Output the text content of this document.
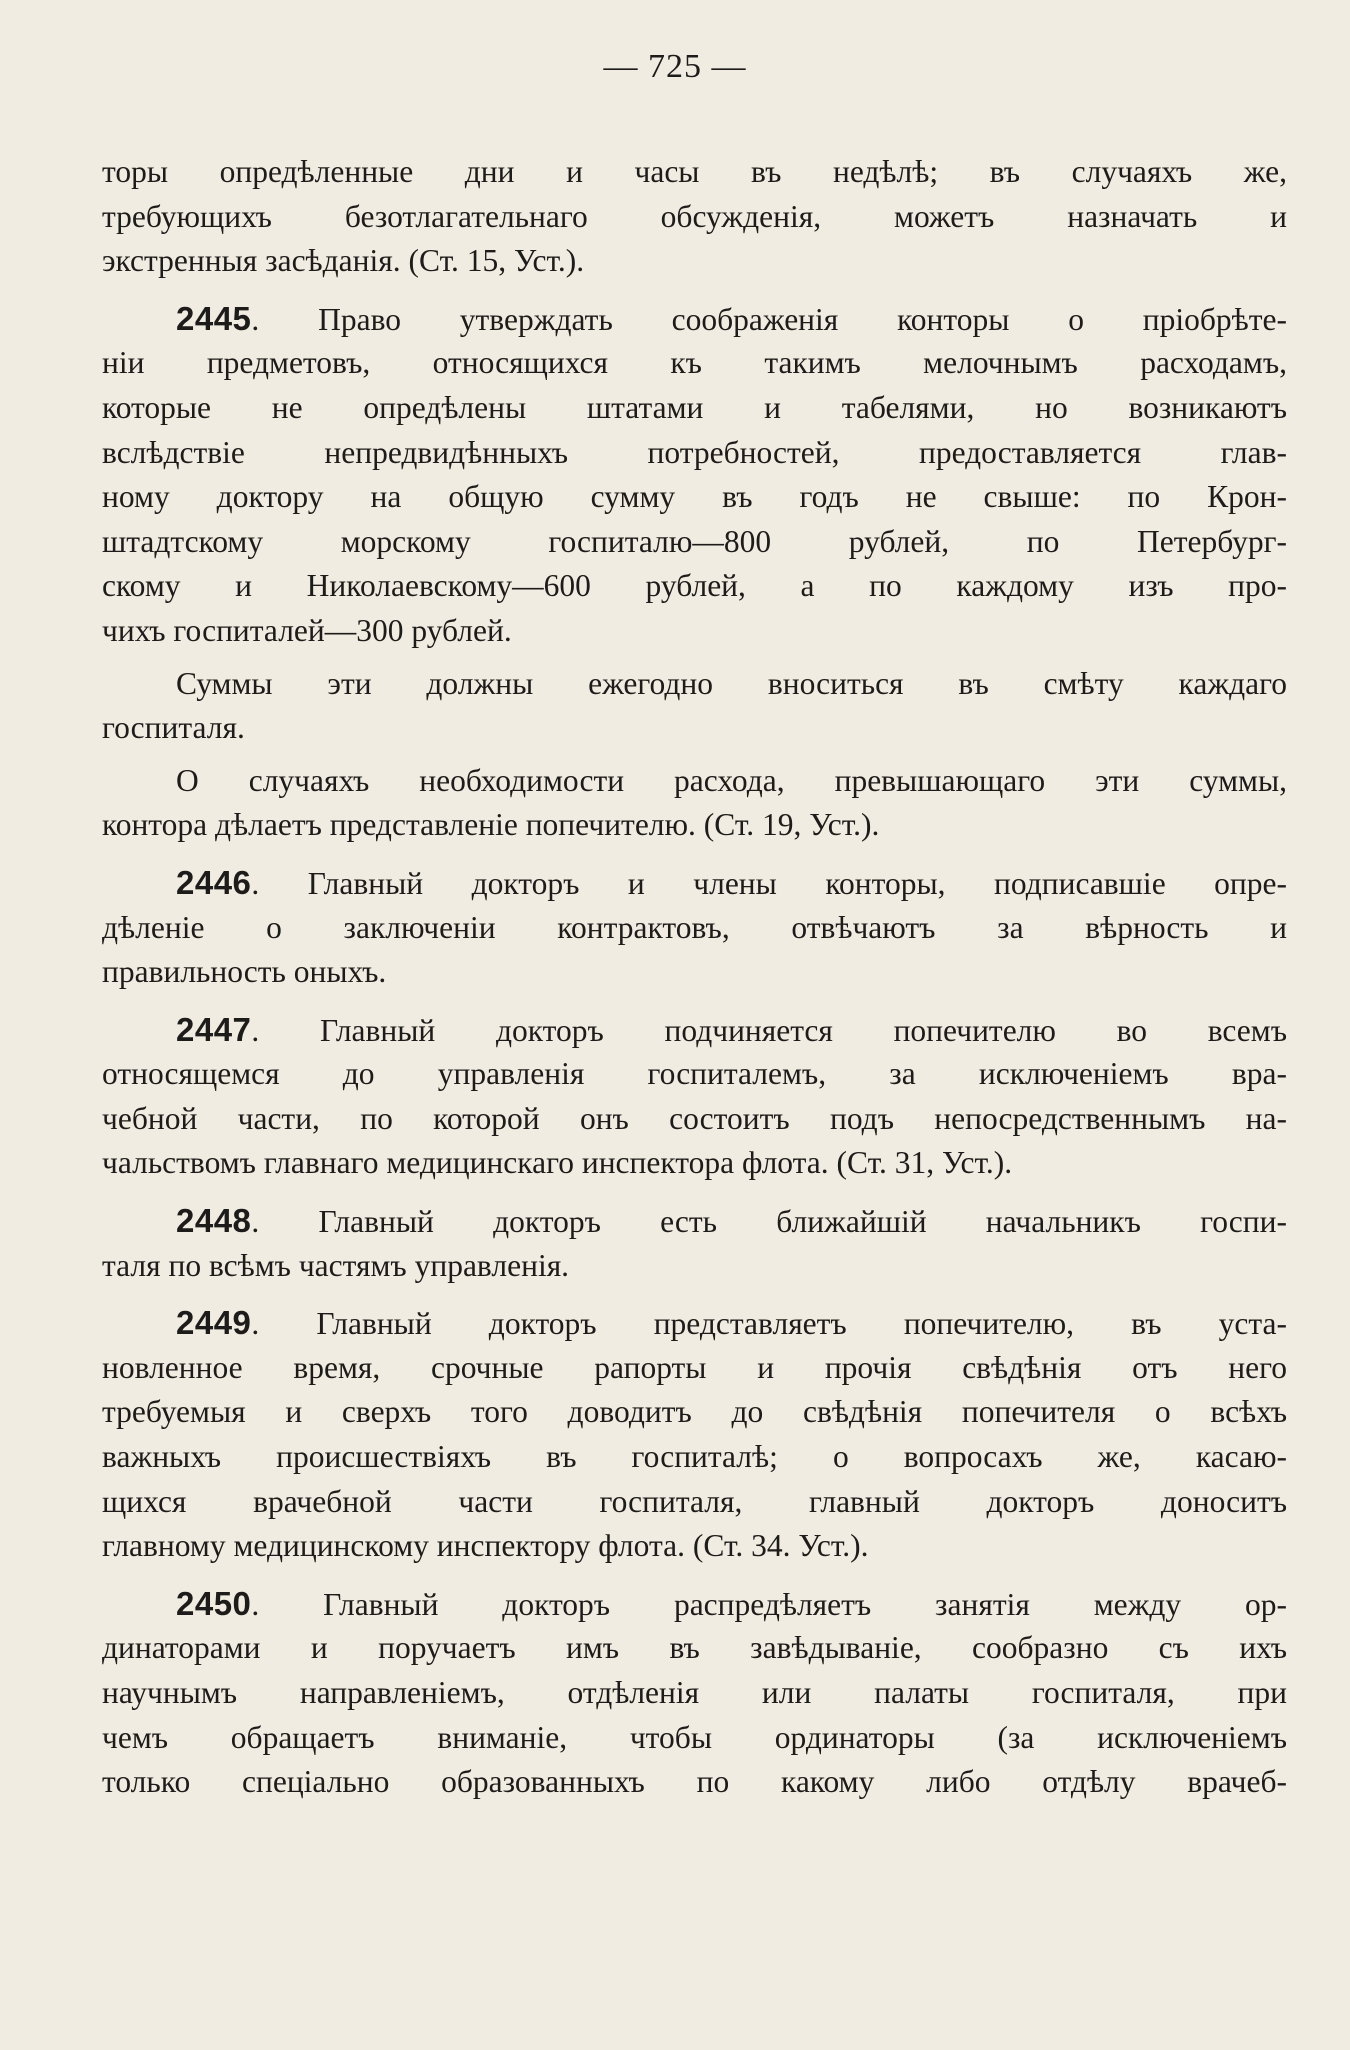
— 725 —
торы опредѣленные дни и часы въ недѣлѣ; въ случаяхъ же,
требующихъ безотлагательнаго обсужденія, можетъ назначать и
экстренныя засѣданія. (Ст. 15, Уст.).
2445. Право утверждать соображенія конторы о пріобрѣте-
ніи предметовъ, относящихся къ такимъ мелочнымъ расходамъ,
которые не опредѣлены штатами и табелями, но возникаютъ
вслѣдствіе непредвидѣнныхъ потребностей, предоставляется глав-
ному доктору на общую сумму въ годъ не свыше: по Крон-
штадтскому морскому госпиталю—800 рублей, по Петербург-
скому и Николаевскому—600 рублей, а по каждому изъ про-
чихъ госпиталей—300 рублей.
Суммы эти должны ежегодно вноситься въ смѣту каждаго
госпиталя.
О случаяхъ необходимости расхода, превышающаго эти суммы,
контора дѣлаетъ представленіе попечителю. (Ст. 19, Уст.).
2446. Главный докторъ и члены конторы, подписавшіе опре-
дѣленіе о заключеніи контрактовъ, отвѣчаютъ за вѣрность и
правильность оныхъ.
2447. Главный докторъ подчиняется попечителю во всемъ
относящемся до управленія госпиталемъ, за исключеніемъ вра-
чебной части, по которой онъ состоитъ подъ непосредственнымъ на-
чальствомъ главнаго медицинскаго инспектора флота. (Ст. 31, Уст.).
2448. Главный докторъ есть ближайшій начальникъ госпи-
таля по всѣмъ частямъ управленія.
2449. Главный докторъ представляетъ попечителю, въ уста-
новленное время, срочные рапорты и прочія свѣдѣнія отъ него
требуемыя и сверхъ того доводитъ до свѣдѣнія попечителя о всѣхъ
важныхъ происшествіяхъ въ госпиталѣ; о вопросахъ же, касаю-
щихся врачебной части госпиталя, главный докторъ доноситъ
главному медицинскому инспектору флота. (Ст. 34. Уст.).
2450. Главный докторъ распредѣляетъ занятія между ор-
динаторами и поручаетъ имъ въ завѣдываніе, сообразно съ ихъ
научнымъ направленіемъ, отдѣленія или палаты госпиталя, при
чемъ обращаетъ вниманіе, чтобы ординаторы (за исключеніемъ
только спеціально образованныхъ по какому либо отдѣлу врачеб-
